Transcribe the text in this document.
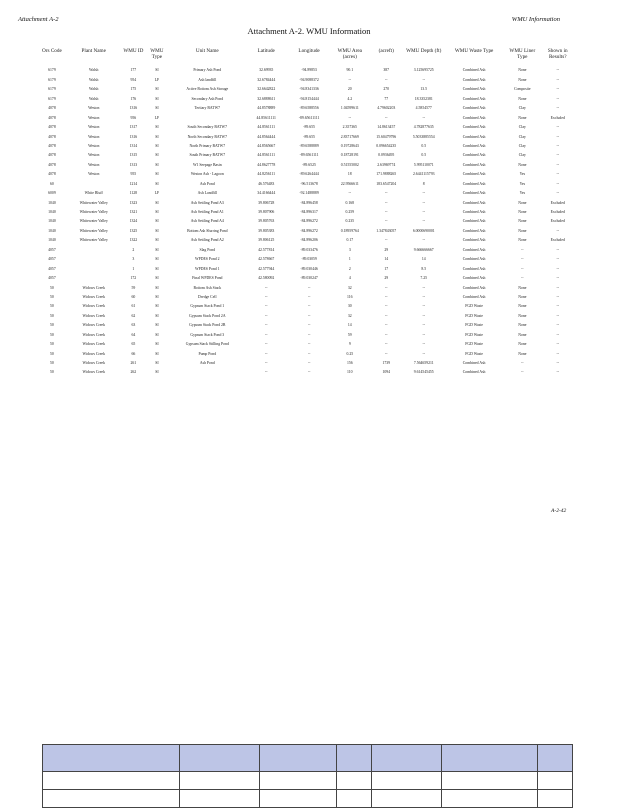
Attachment A-2	WMU Information
Attachment A-2. WMU Information
Ors Code	Plant Name	WMU ID	WMU Type	Unit Name	Latitude	Longitude	WMU Area (acres)	(acreft)	WMU Depth (ft)	WMU Waste Type	WMU Liner Type	Shown in Results?
6179	Walsh	177	SI	Primary Ash Pond	32.69935	-94.89853	90.1	387	3.125695725	Combined Ash	None	--
6179	Walsh	954	LF	Ash landfill	32.6784444	-94.9088372	--	--	--	Combined Ash	None	--
6179	Walsh	175	SI	Active Bottom Ash Storage	32.6642822	-94.8341336	20	270	13.5	Combined Ash	Composite	--
6179	Walsh	176	SI	Secondary Ash Pond	32.6888611	-94.8154444	4.2	77	18.3352381	Combined Ash	None	--
4078	Weston	1316	SI	Tertiary BATW7	44.8578889	-89.6588556	1.04599611	4.79602203	4.5854577	Combined Ash	Clay	--
4078	Weston	956	LF		44.85611111	-89.65611111	--	--	--	Combined Ash	None	Excluded
4078	Weston	1317	SI	South Secondary BATW7	44.8561111	-89.655	2.357365	14.8613457	4.782877635	Combined Ash	Clay	--
4078	Weston	1316	SI	North Secondary BATW7	44.8564444	-89.655	2.83717669	15.60479796	5.5033885554	Combined Ash	Clay	--
4078	Weston	1314	SI	North Primary BATW7	44.8565667	-89.6588889	0.19728643	0.096654235	0.5	Combined Ash	Clay	--
4078	Weston	1315	SI	South Primary BATW7	44.8561111	-89.6561111	0.18728191	0.0936495	0.5	Combined Ash	Clay	--
4078	Weston	1313	SI	W1 Seepage Basin	44.8627778	-89.6525	0.51555002	2.63969774	5.995110071	Combined Ash	None	--
4078	Weston	955	SI	Weston Ash - Lagoon	44.8256111	-89.6264444	18	171.9888265	2.6441115793	Combined Ash	Yes	--
60		1214	SI	Ash Pond	46.576483	-96.513678	22.9566611	183.6547204	8	Combined Ash	Yes	--
6009	White Bluff	1128	LF	Ash Landfill	34.4166444	-92.1488889	--	--	--	Combined Ash	Yes	--
1040	Whitewater Valley	1323	SI	Ash Settling Pond A3	39.806728	-84.896458	0.168	--	--	Combined Ash	None	Excluded
1040	Whitewater Valley	1321	SI	Ash Settling Pond A1	39.807906	-84.896317	0.259	--	--	Combined Ash	None	Excluded
1040	Whitewater Valley	1324	SI	Ash Settling Pond A4	39.805763	-84.896272	0.235	--	--	Combined Ash	None	Excluded
1040	Whitewater Valley	1325	SI	Bottom Ash Slurring Pond	39.805383	-84.896272	0.18959764	1.347843057	6.0000690001	Combined Ash	None	--
1040	Whitewater Valley	1322	SI	Ash Settling Pond A2	39.806125	-84.896206	0.17	--	--	Combined Ash	None	Excluded
4057		2	SI	Slag Pond	42.577814	-89.033476	3	29	9.666666667	Combined Ash	--	--
4057		3	SI	WPDES Pond 2	42.578667	-89.03059	1	14	14	Combined Ash	--	--
4057		1	SI	WPDES Pond 1	42.577944	-89.030446	2	17	8.5	Combined Ash	--	--
4057		172	SI	Final WPDES Pond	42.580092	-89.030247	4	29	7.25	Combined Ash	--	--
50	Widows Creek	59	SI	Bottom Ash Stack	--	--	32	--	--	Combined Ash	None	--
50	Widows Creek	60	SI	Dredge Cell	--	--	116	--	--	Combined Ash	None	--
50	Widows Creek	61	SI	Gypsum Stack Pond 1	--	--	30	--	--	FGD Waste	None	--
50	Widows Creek	62	SI	Gypsum Stack Pond 2A	--	--	32	--	--	FGD Waste	None	--
50	Widows Creek	63	SI	Gypsum Stack Pond 2B	--	--	14	--	--	FGD Waste	None	--
50	Widows Creek	64	SI	Gypsum Stack Pond 3	--	--	59	--	--	FGD Waste	None	--
50	Widows Creek	65	SI	Gypsum Stack Stilling Pond	--	--	9	--	--	FGD Waste	None	--
50	Widows Creek	66	SI	Pump Pond	--	--	0.25	--	--	FGD Waste	None	--
50	Widows Creek	261	SI	Ash Pond	--	--	156	1739	7.564659211	Combined Ash	--	--
50	Widows Creek	262	SI		--	--	110	1094	9.614545455	Combined Ash	--	--
A-2-42
